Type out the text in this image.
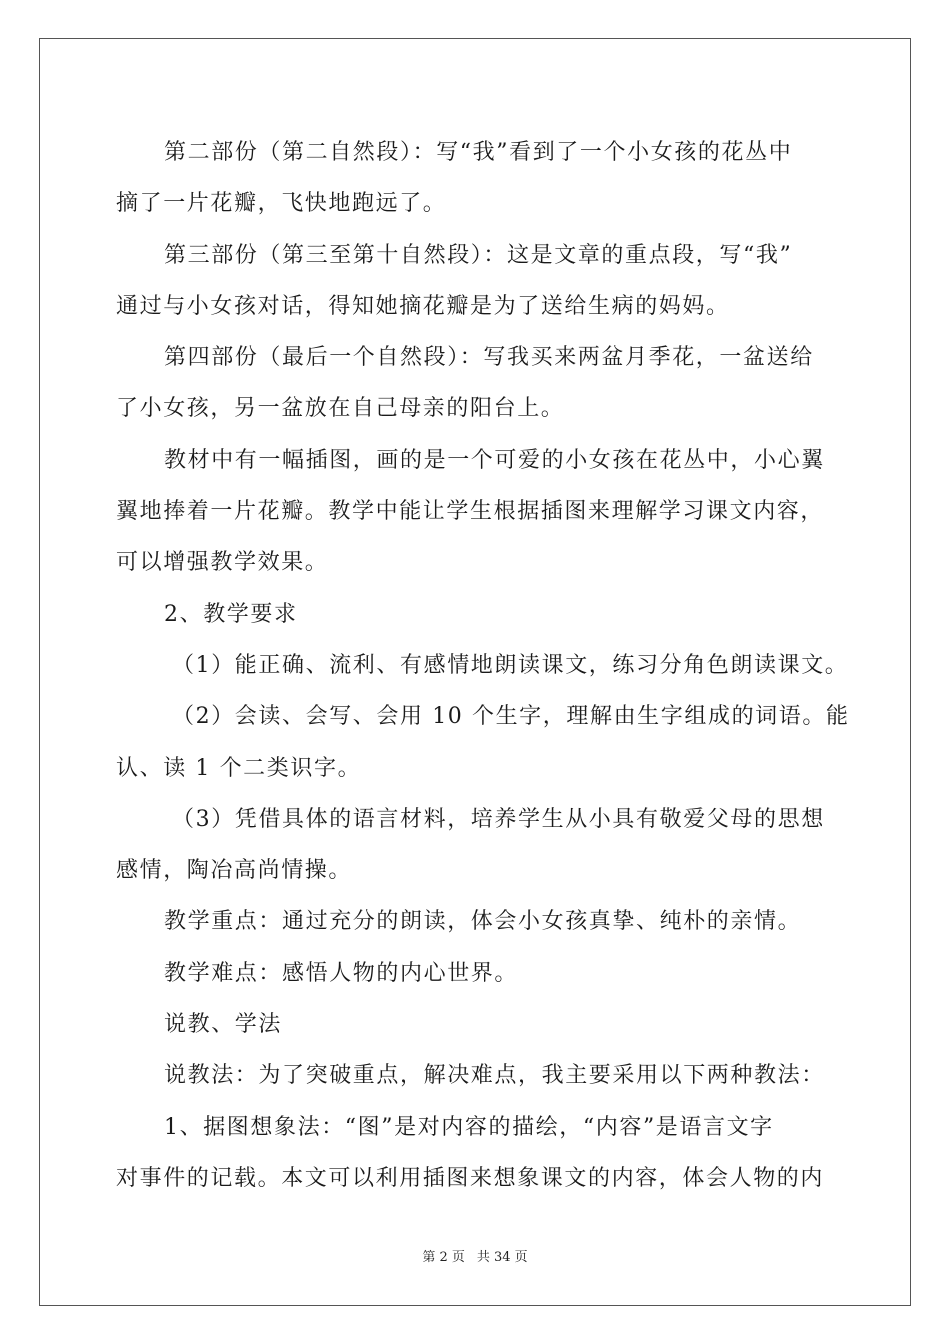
第二部份（第二自然段）：写“我”看到了一个小女孩的花丛中
摘了一片花瓣，飞快地跑远了。
第三部份（第三至第十自然段）：这是文章的重点段，写“我”
通过与小女孩对话，得知她摘花瓣是为了送给生病的妈妈。
第四部份（最后一个自然段）：写我买来两盆月季花，一盆送给
了小女孩，另一盆放在自己母亲的阳台上。
教材中有一幅插图，画的是一个可爱的小女孩在花丛中，小心翼
翼地捧着一片花瓣。教学中能让学生根据插图来理解学习课文内容，
可以增强教学效果。
2、教学要求
（1）能正确、流利、有感情地朗读课文，练习分角色朗读课文。
（2）会读、会写、会用 10 个生字，理解由生字组成的词语。能
认、读 1 个二类识字。
（3）凭借具体的语言材料，培养学生从小具有敬爱父母的思想
感情，陶冶高尚情操。
教学重点：通过充分的朗读，体会小女孩真挚、纯朴的亲情。
教学难点：感悟人物的内心世界。
说教、学法
说教法：为了突破重点，解决难点，我主要采用以下两种教法：
1、据图想象法：“图”是对内容的描绘，“内容”是语言文字
对事件的记载。本文可以利用插图来想象课文的内容，体会人物的内
第 2 页 共 34 页
